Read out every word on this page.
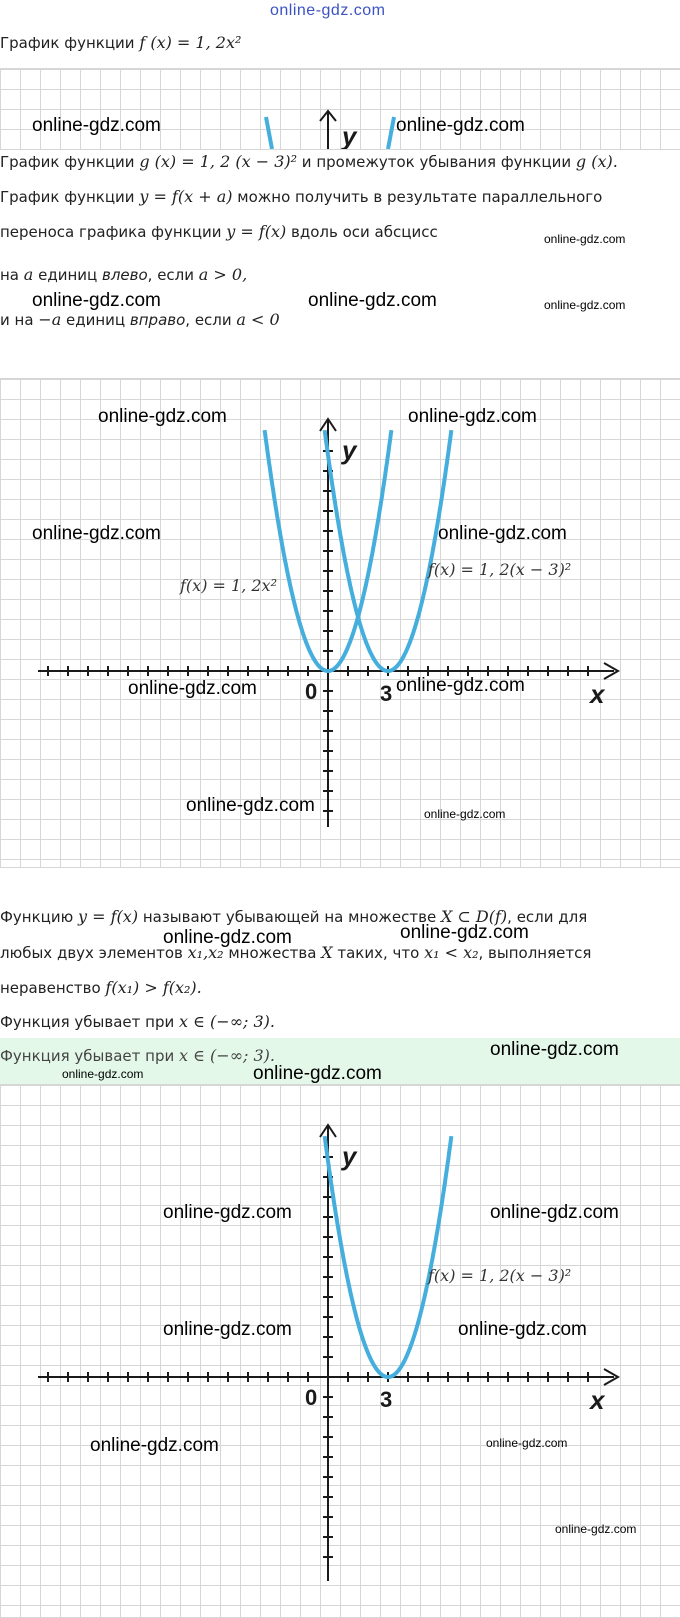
online-gdz.com
График функции f (x) = 1, 2x²
y
График функции g (x) = 1, 2 (x − 3)² и промежуток убывания функции g (x).
График функции y = f(x + a) можно получить в результате параллельного
переноса графика функции y = f(x) вдоль оси абсцисс
на a единиц влево, если a > 0,
и на −a единиц вправо, если a < 0
y
x
0	3
f(x) = 1, 2x²
f(x) = 1, 2(x − 3)²
Функцию y = f(x) называют убывающей на множестве X ⊂ D(f), если для
любых двух элементов x₁,x₂ множества X таких, что x₁ < x₂, выполняется
неравенство f(x₁) > f(x₂).
Функция убывает при x ∈ (−∞; 3).
Функция убывает при x ∈ (−∞; 3).
y
x
0	3
f(x) = 1, 2(x − 3)²
online-gdz.com	online-gdz.com
online-gdz.com
online-gdz.com	online-gdz.com	online-gdz.com
online-gdz.com	online-gdz.com
online-gdz.com	online-gdz.com
online-gdz.com	online-gdz.com
online-gdz.com	online-gdz.com
online-gdz.com	online-gdz.com
online-gdz.com
online-gdz.com	online-gdz.com
online-gdz.com	online-gdz.com
online-gdz.com	online-gdz.com
online-gdz.com	online-gdz.com
online-gdz.com
